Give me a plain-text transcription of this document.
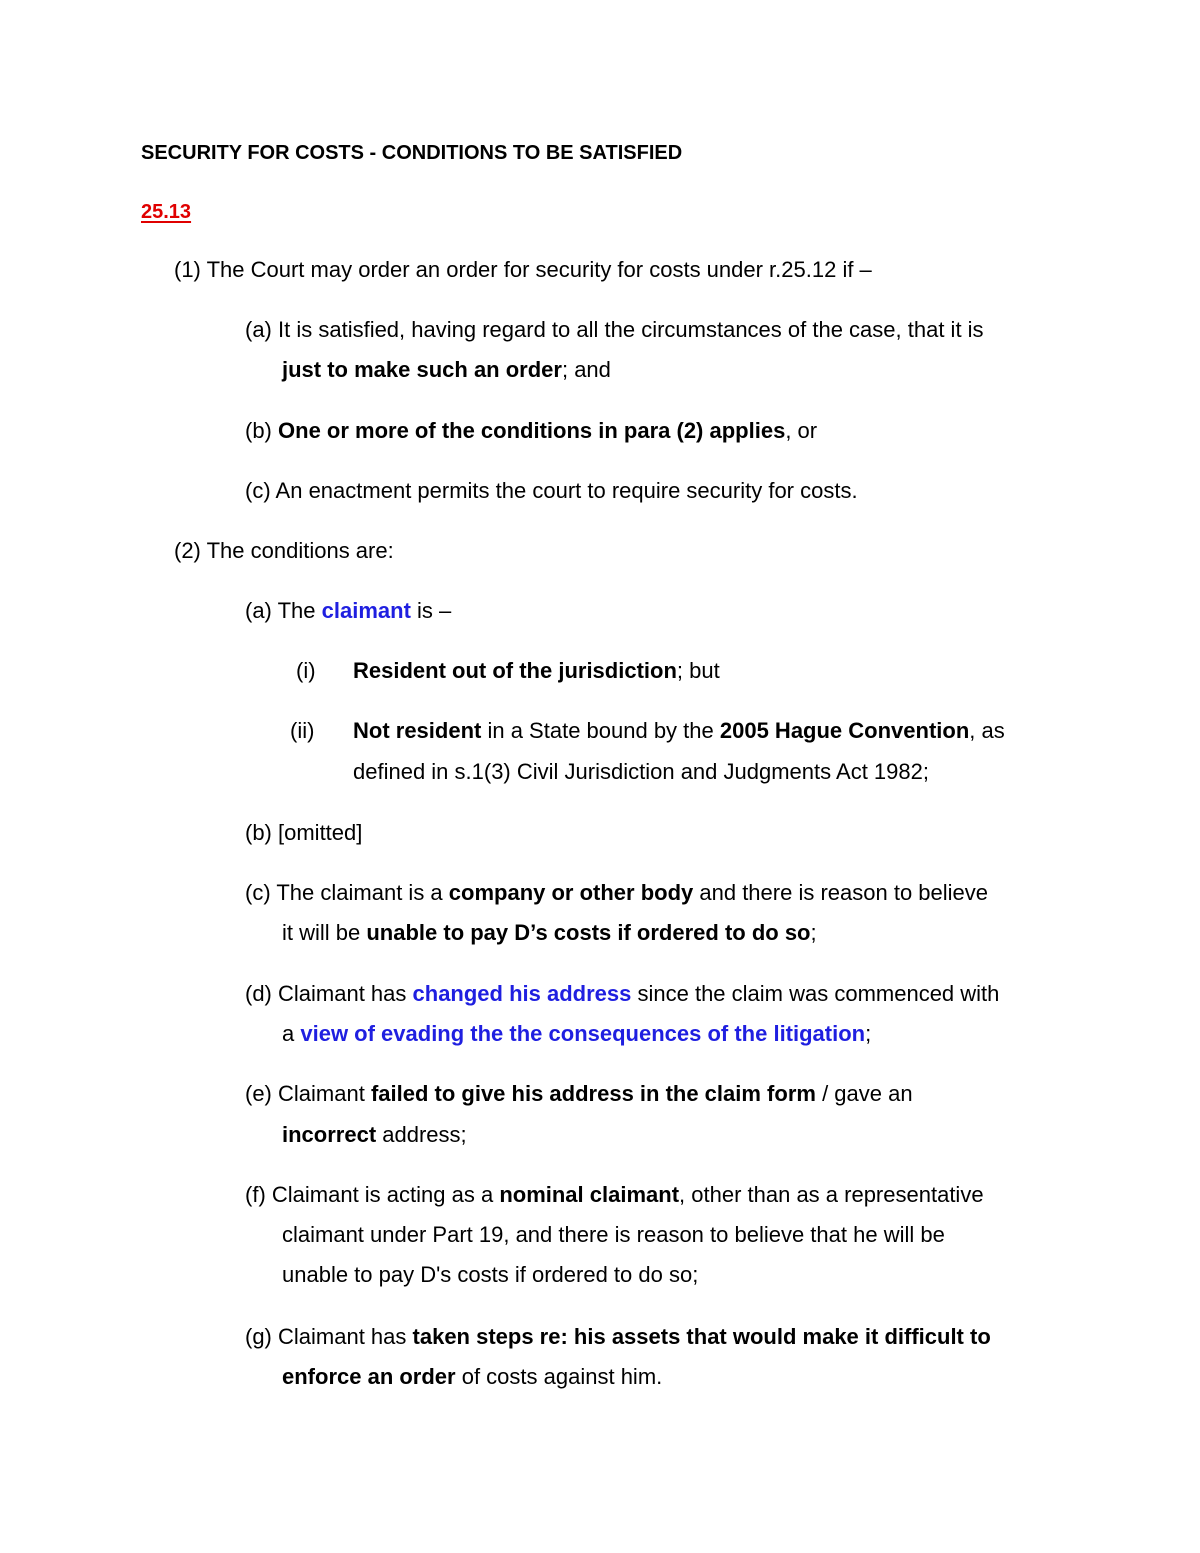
SECURITY FOR COSTS - CONDITIONS TO BE SATISFIED
25.13
(1) The Court may order an order for security for costs under r.25.12 if –
(a) It is satisfied, having regard to all the circumstances of the case, that it is
just to make such an order; and
(b) One or more of the conditions in para (2) applies, or
(c) An enactment permits the court to require security for costs.
(2) The conditions are:
(a) The claimant is –
(i) Resident out of the jurisdiction; but
(ii) Not resident in a State bound by the 2005 Hague Convention, as
defined in s.1(3) Civil Jurisdiction and Judgments Act 1982;
(b) [omitted]
(c) The claimant is a company or other body and there is reason to believe
it will be unable to pay D’s costs if ordered to do so;
(d) Claimant has changed his address since the claim was commenced with
a view of evading the the consequences of the litigation;
(e) Claimant failed to give his address in the claim form / gave an
incorrect address;
(f) Claimant is acting as a nominal claimant, other than as a representative
claimant under Part 19, and there is reason to believe that he will be
unable to pay D's costs if ordered to do so;
(g) Claimant has taken steps re: his assets that would make it difficult to
enforce an order of costs against him.
